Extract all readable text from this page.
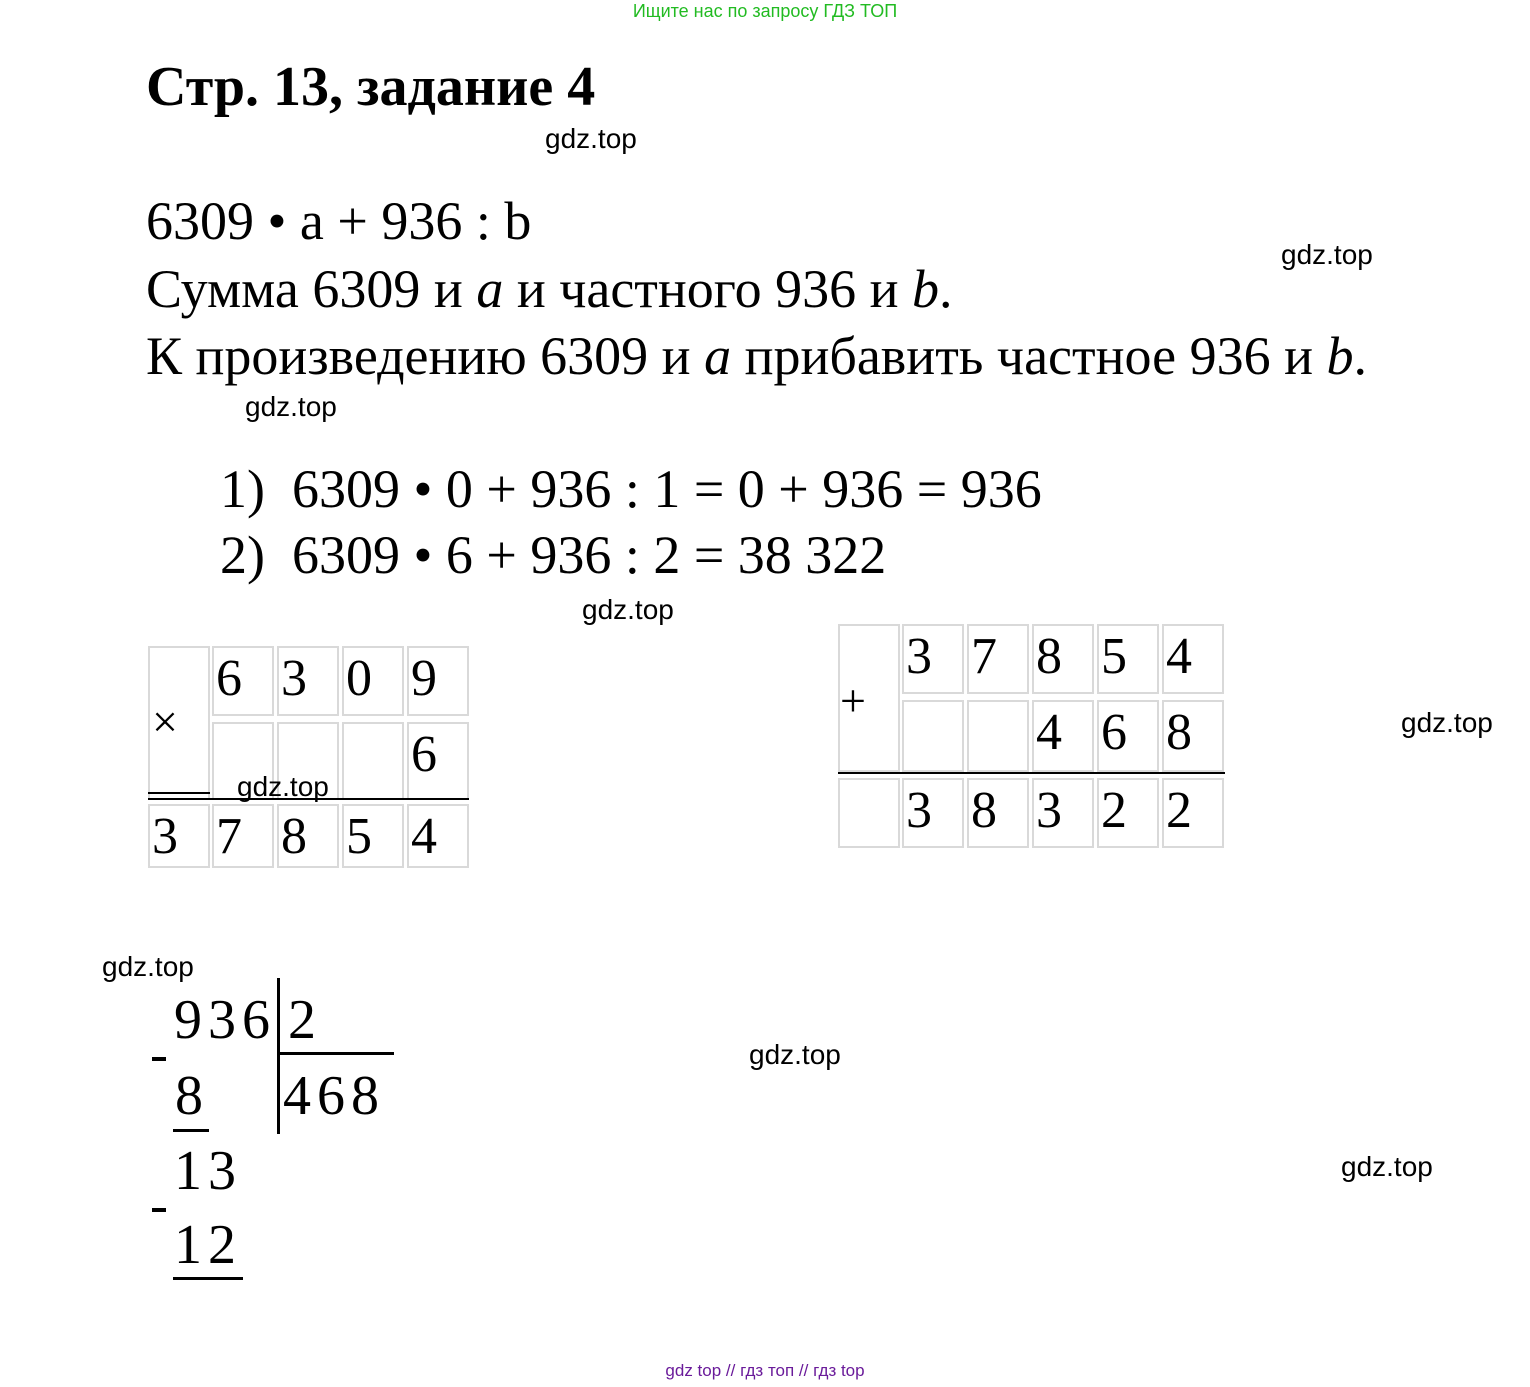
Ищите нас по запросу ГДЗ ТОП
Стр. 13, задание 4
gdz.top
gdz.top
gdz.top
gdz.top
gdz.top
gdz.top
gdz.top
gdz.top
6309 • a + 936 : b
Сумма 6309 и a и частного 936 и b.
К произведению 6309 и a прибавить частное 936 и b.
1) 6309 • 0 + 936 : 1 = 0 + 936 = 936
2) 6309 • 6 + 936 : 2 = 38 322
×
6 3 0 9
6
3 7 8 5 4
gdz.top
+
3 7 8 5 4
4 6 8
3 8 3 2 2
936 2
468
8
13
12
gdz top // гдз топ // гдз top
